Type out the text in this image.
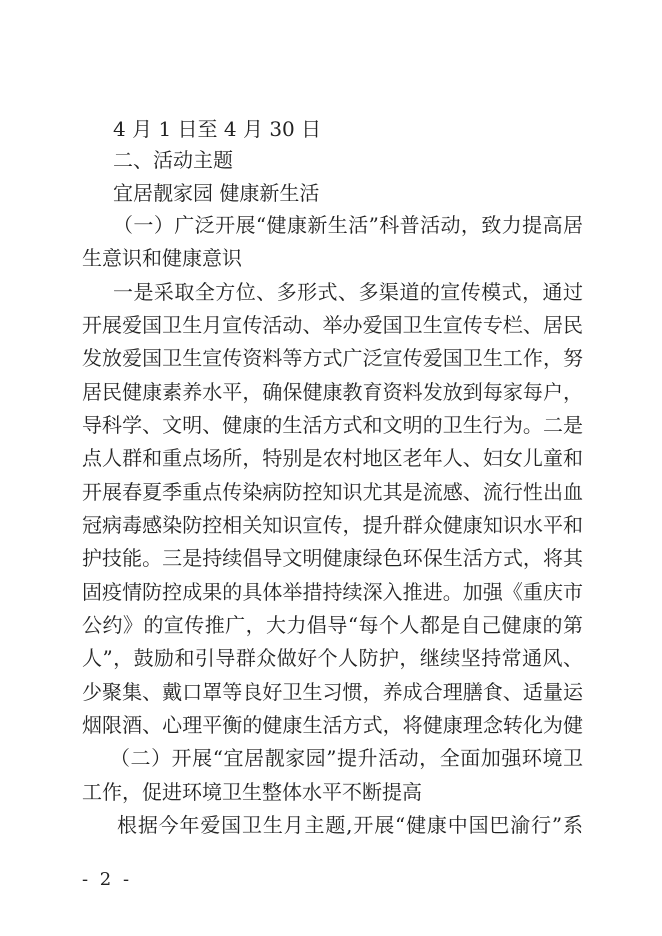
4 月 1 日至 4 月 30 日
二、活动主题
宜居靓家园 健康新生活
（一）广泛开展“健康新生活”科普活动，致力提高居
生意识和健康意识
一是采取全方位、多形式、多渠道的宣传模式，通过
开展爱国卫生月宣传活动、举办爱国卫生宣传专栏、居民
发放爱国卫生宣传资料等方式广泛宣传爱国卫生工作，努
居民健康素养水平，确保健康教育资料发放到每家每户，
导科学、文明、健康的生活方式和文明的卫生行为。二是
点人群和重点场所，特别是农村地区老年人、妇女儿童和
开展春夏季重点传染病防控知识尤其是流感、流行性出血
冠病毒感染防控相关知识宣传，提升群众健康知识水平和
护技能。三是持续倡导文明健康绿色环保生活方式，将其
固疫情防控成果的具体举措持续深入推进。加强《重庆市
公约》的宣传推广，大力倡导“每个人都是自己健康的第
人”，鼓励和引导群众做好个人防护，继续坚持常通风、
少聚集、戴口罩等良好卫生习惯，养成合理膳食、适量运
烟限酒、心理平衡的健康生活方式，将健康理念转化为健
（二）开展“宜居靓家园”提升活动，全面加强环境卫
工作，促进环境卫生整体水平不断提高
根据今年爱国卫生月主题,开展“健康中国巴渝行”系
- 2 -
